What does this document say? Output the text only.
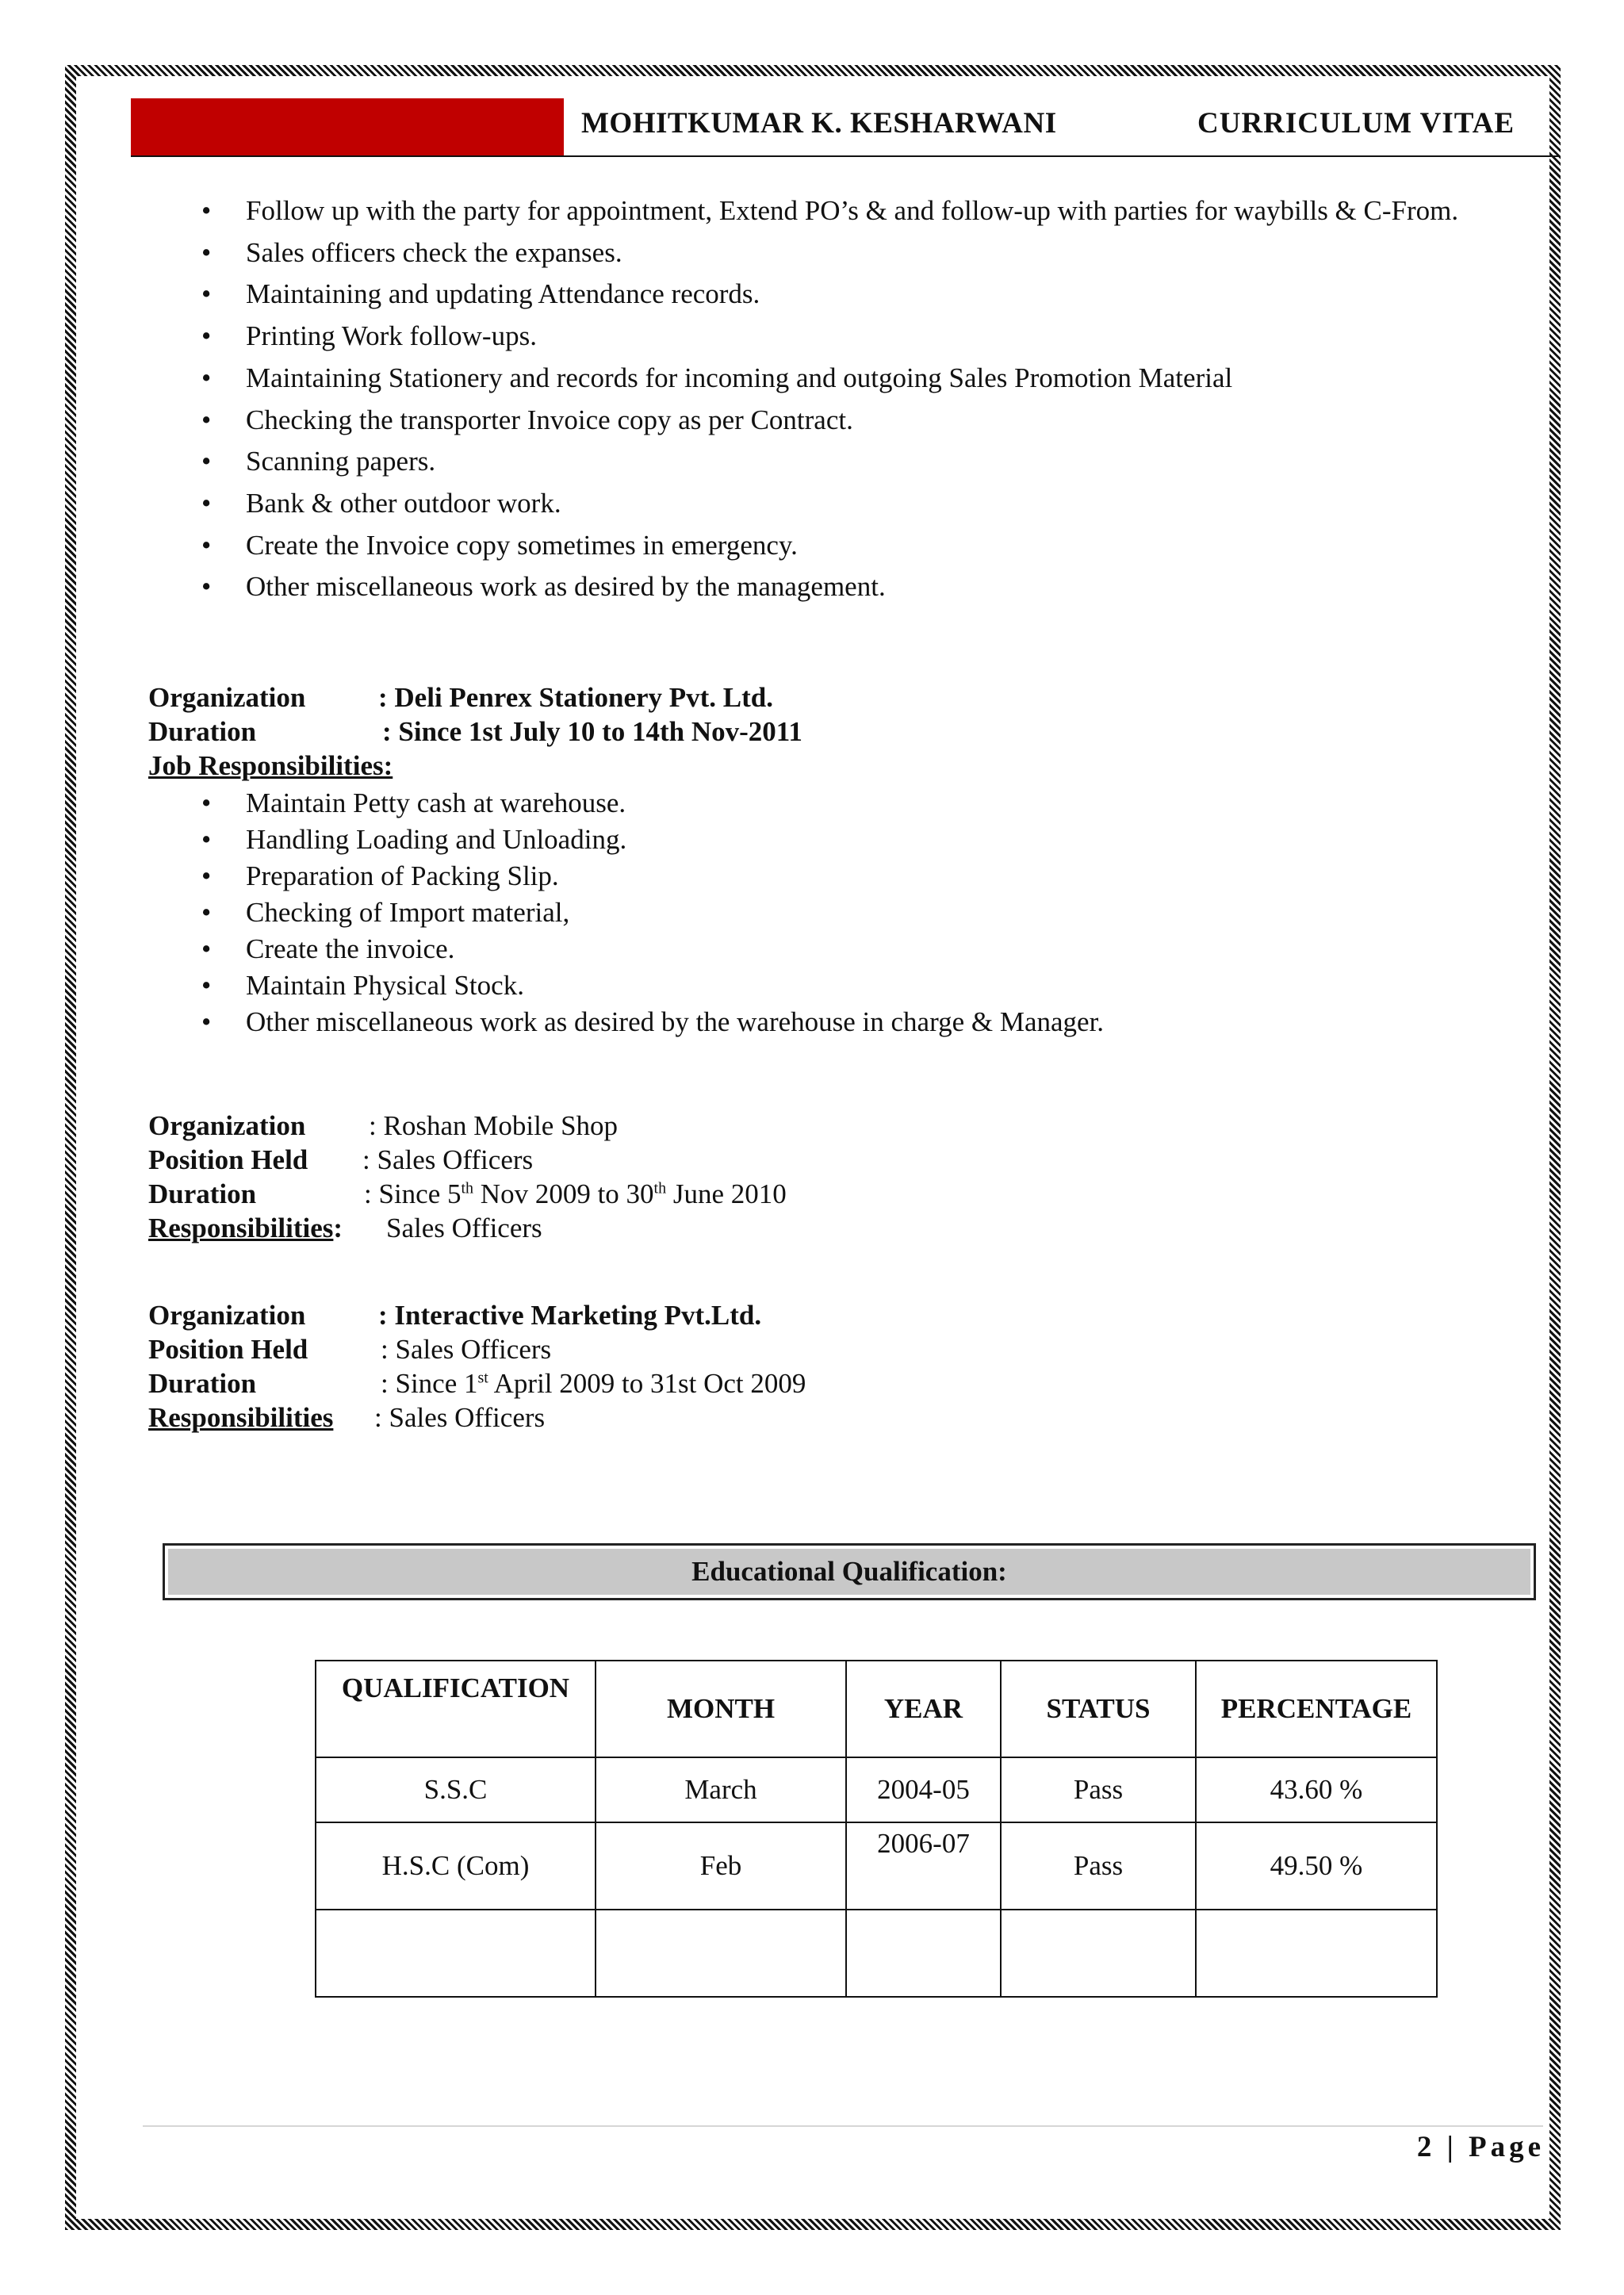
MOHITKUMAR K. KESHARWANI	CURRICULUM VITAE
• Follow up with the party for appointment, Extend PO’s & and follow-up with parties for waybills & C-From.
• Sales officers check the expanses.
• Maintaining and updating Attendance records.
• Printing Work follow-ups.
• Maintaining Stationery and records for incoming and outgoing Sales Promotion Material
• Checking the transporter Invoice copy as per Contract.
• Scanning papers.
• Bank & other outdoor work.
• Create the Invoice copy sometimes in emergency.
• Other miscellaneous work as desired by the management.
Organization	: Deli Penrex Stationery Pvt. Ltd.
Duration	: Since 1st July 10 to 14th Nov-2011
Job Responsibilities:
• Maintain Petty cash at warehouse.
• Handling Loading and Unloading.
• Preparation of Packing Slip.
• Checking of Import material,
• Create the invoice.
• Maintain Physical Stock.
• Other miscellaneous work as desired by the warehouse in charge & Manager.
Organization : Roshan Mobile Shop
Position Held : Sales Officers
Duration	: Since 5th Nov 2009 to 30th June 2010
Responsibilities: Sales Officers
Organization	: Interactive Marketing Pvt.Ltd.
Position Held	: Sales Officers
Duration	: Since 1st April 2009 to 31st Oct 2009
Responsibilities : Sales Officers
Educational Qualification:
QUALIFICATION	MONTH	YEAR	STATUS	PERCENTAGE
S.S.C	March	2004-05	Pass	43.60 %
H.S.C (Com)	Feb	2006-07	Pass	49.50 %

2 | Page
